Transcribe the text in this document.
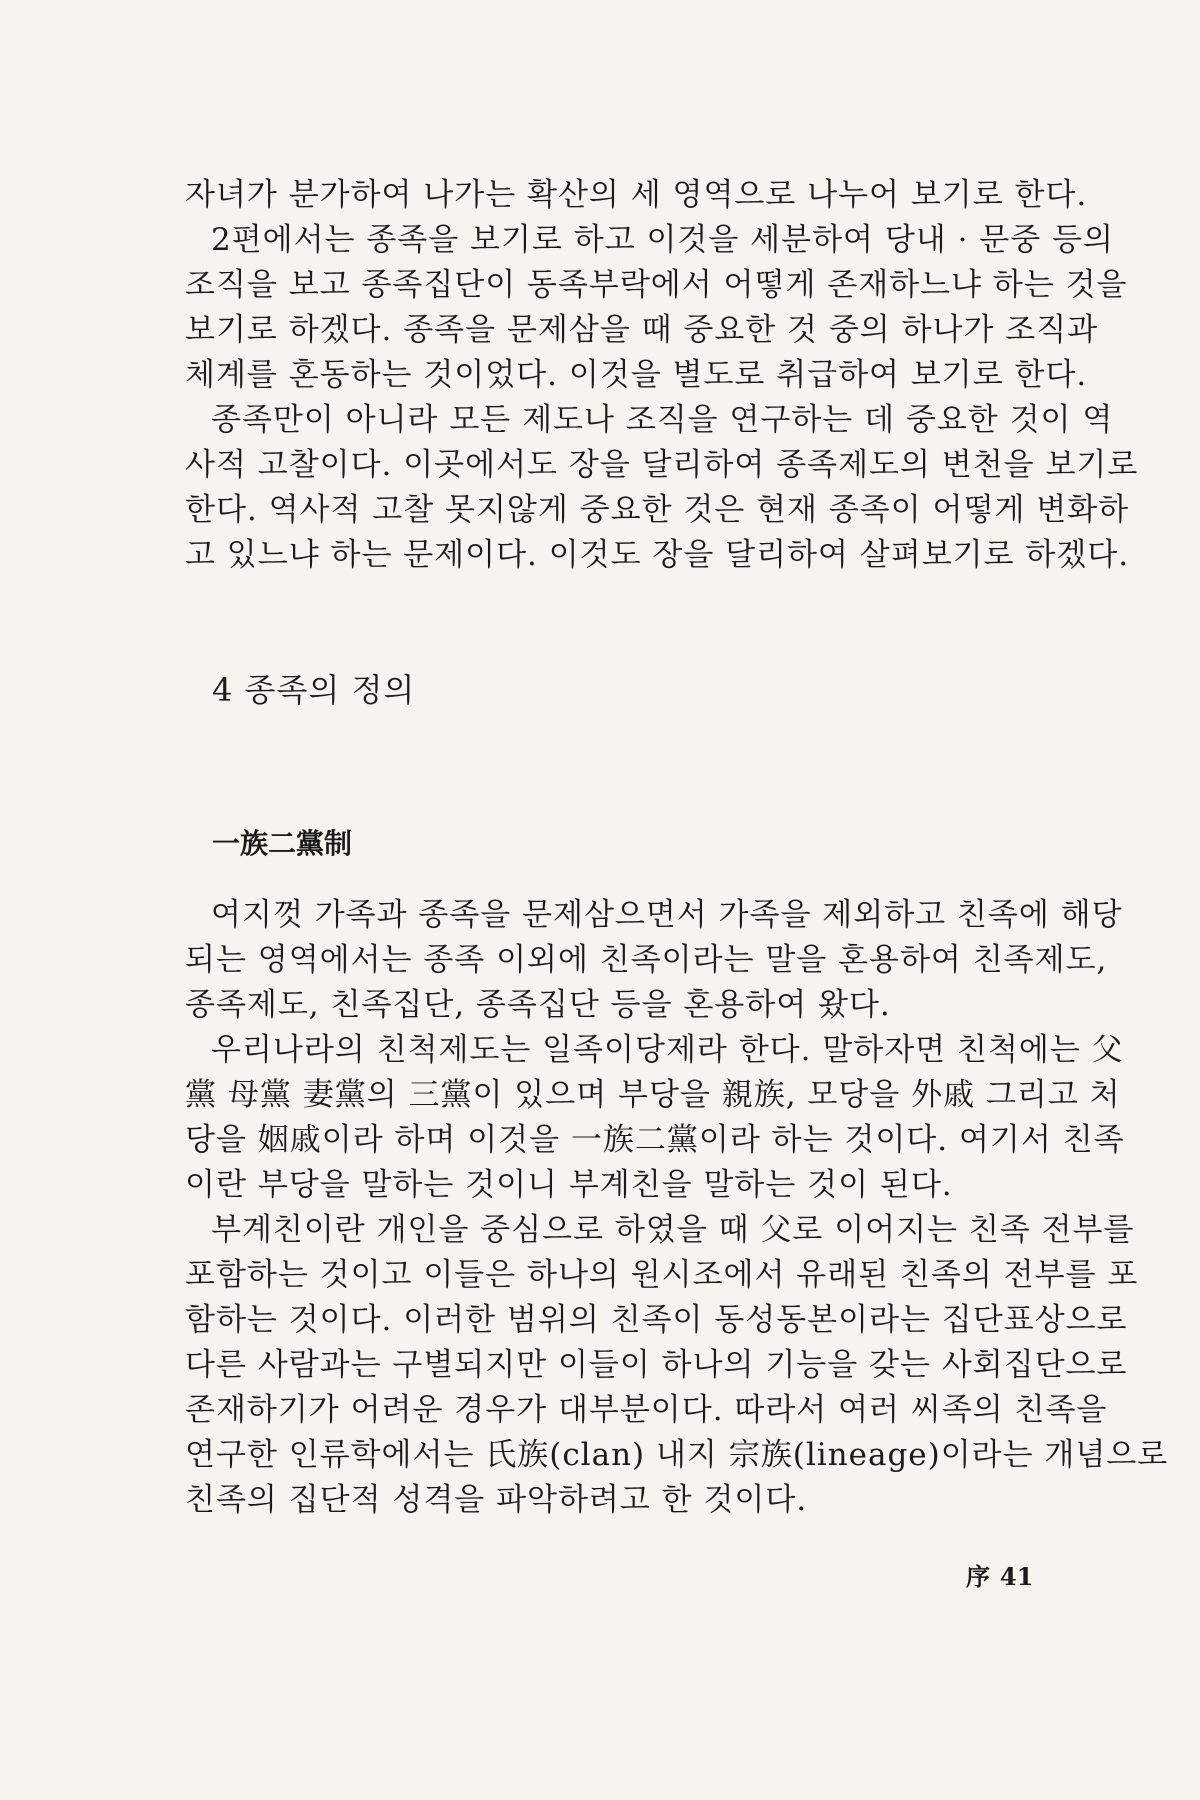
자녀가 분가하여 나가는 확산의 세 영역으로 나누어 보기로 한다.

2편에서는 종족을 보기로 하고 이것을 세분하여 당내 · 문중 등의
조직을 보고 종족집단이 동족부락에서 어떻게 존재하느냐 하는 것을
보기로 하겠다. 종족을 문제삼을 때 중요한 것 중의 하나가 조직과
체계를 혼동하는 것이었다. 이것을 별도로 취급하여 보기로 한다.

종족만이 아니라 모든 제도나 조직을 연구하는 데 중요한 것이 역
사적 고찰이다. 이곳에서도 장을 달리하여 종족제도의 변천을 보기로
한다. 역사적 고찰 못지않게 중요한 것은 현재 종족이 어떻게 변화하
고 있느냐 하는 문제이다. 이것도 장을 달리하여 살펴보기로 하겠다.

4 종족의 정의
一族二黨制

여지껏 가족과 종족을 문제삼으면서 가족을 제외하고 친족에 해당
되는 영역에서는 종족 이외에 친족이라는 말을 혼용하여 친족제도,
종족제도, 친족집단, 종족집단 등을 혼용하여 왔다.

우리나라의 친척제도는 일족이당제라 한다. 말하자면 친척에는 父
黨 母黨 妻黨의 三黨이 있으며 부당을 親族, 모당을 外戚 그리고 처
당을 姻戚이라 하며 이것을 一族二黨이라 하는 것이다. 여기서 친족
이란 부당을 말하는 것이니 부계친을 말하는 것이 된다.

부계친이란 개인을 중심으로 하였을 때 父로 이어지는 친족 전부를
포함하는 것이고 이들은 하나의 원시조에서 유래된 친족의 전부를 포
함하는 것이다. 이러한 범위의 친족이 동성동본이라는 집단표상으로
다른 사람과는 구별되지만 이들이 하나의 기능을 갖는 사회집단으로
존재하기가 어려운 경우가 대부분이다. 따라서 여러 씨족의 친족을
연구한 인류학에서는 氏族(clan) 내지 宗族(lineage)이라는 개념으로
친족의 집단적 성격을 파악하려고 한 것이다.

序 41
